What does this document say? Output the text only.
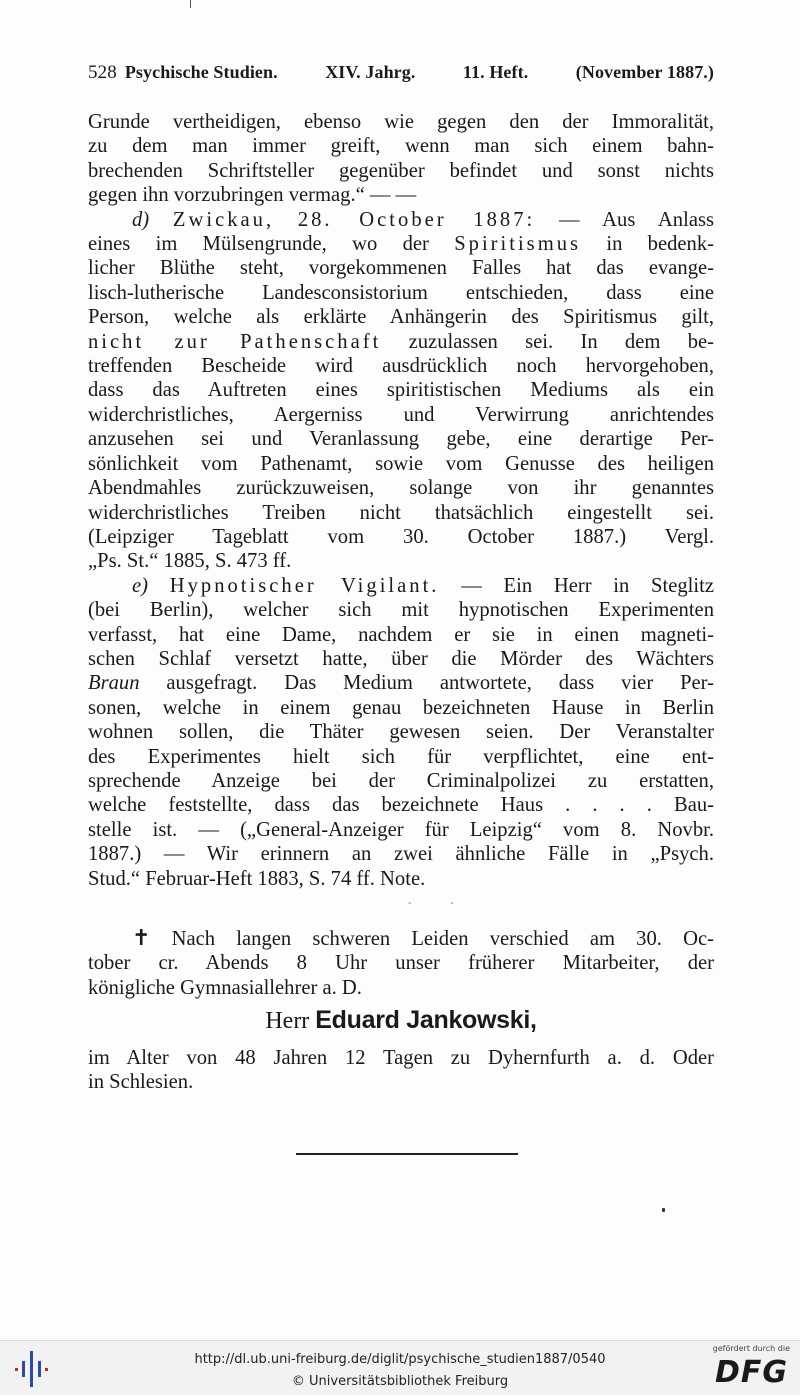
528 Psychische Studien.	XIV. Jahrg.	11. Heft.	(November 1887.)
Grunde vertheidigen, ebenso wie gegen den der Immoralität,
zu dem man immer greift, wenn man sich einem bahn-
brechenden Schriftsteller gegenüber befindet und sonst nichts
gegen ihn vorzubringen vermag.“ — —
d) Zwickau, 28. October 1887: — Aus Anlass
eines im Mülsengrunde, wo der Spiritismus in bedenk-
licher Blüthe steht, vorgekommenen Falles hat das evange-
lisch-lutherische Landesconsistorium entschieden, dass eine
Person, welche als erklärte Anhängerin des Spiritismus gilt,
nicht zur Pathenschaft zuzulassen sei. In dem be-
treffenden Bescheide wird ausdrücklich noch hervorgehoben,
dass das Auftreten eines spiritistischen Mediums als ein
widerchristliches, Aergerniss und Verwirrung anrichtendes
anzusehen sei und Veranlassung gebe, eine derartige Per-
sönlichkeit vom Pathenamt, sowie vom Genusse des heiligen
Abendmahles zurückzuweisen, solange von ihr genanntes
widerchristliches Treiben nicht thatsächlich eingestellt sei.
(Leipziger Tageblatt vom 30. October 1887.) Vergl.
„Ps. St.“ 1885, S. 473 ff.
e) Hypnotischer Vigilant. — Ein Herr in Steglitz
(bei Berlin), welcher sich mit hypnotischen Experimenten
verfasst, hat eine Dame, nachdem er sie in einen magneti-
schen Schlaf versetzt hatte, über die Mörder des Wächters
Braun ausgefragt. Das Medium antwortete, dass vier Per-
sonen, welche in einem genau bezeichneten Hause in Berlin
wohnen sollen, die Thäter gewesen seien. Der Veranstalter
des Experimentes hielt sich für verpflichtet, eine ent-
sprechende Anzeige bei der Criminalpolizei zu erstatten,
welche feststellte, dass das bezeichnete Haus . . . . Bau-
stelle ist. — („General-Anzeiger für Leipzig“ vom 8. Novbr.
1887.) — Wir erinnern an zwei ähnliche Fälle in „Psych.
Stud.“ Februar-Heft 1883, S. 74 ff. Note.
- -
✝ Nach langen schweren Leiden verschied am 30. Oc-
tober cr. Abends 8 Uhr unser früherer Mitarbeiter, der
königliche Gymnasiallehrer a. D.
Herr Eduard Jankowski,
im Alter von 48 Jahren 12 Tagen zu Dyhernfurth a. d. Oder
in Schlesien.
http://dl.ub.uni-freiburg.de/diglit/psychische_studien1887/0540
© Universitätsbibliothek Freiburg
gefördert durch die
DFG
